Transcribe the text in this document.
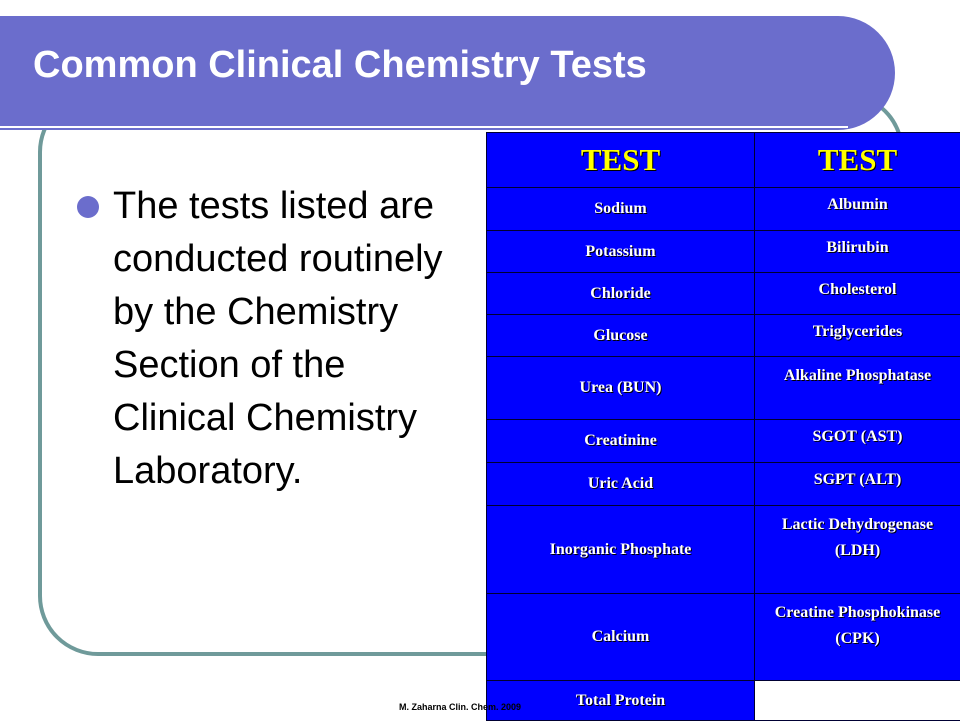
Common Clinical Chemistry Tests

The tests listed are conducted routinely by the Chemistry Section of the Clinical Chemistry Laboratory.

TEST	TEST
Sodium	Albumin
Potassium	Bilirubin
Chloride	Cholesterol
Glucose	Triglycerides
Urea (BUN)	Alkaline Phosphatase
Creatinine	SGOT (AST)
Uric Acid	SGPT (ALT)
Inorganic Phosphate	Lactic Dehydrogenase (LDH)
Calcium	Creatine Phosphokinase (CPK)
Total Protein	

M. Zaharna Clin. Chem. 2009
